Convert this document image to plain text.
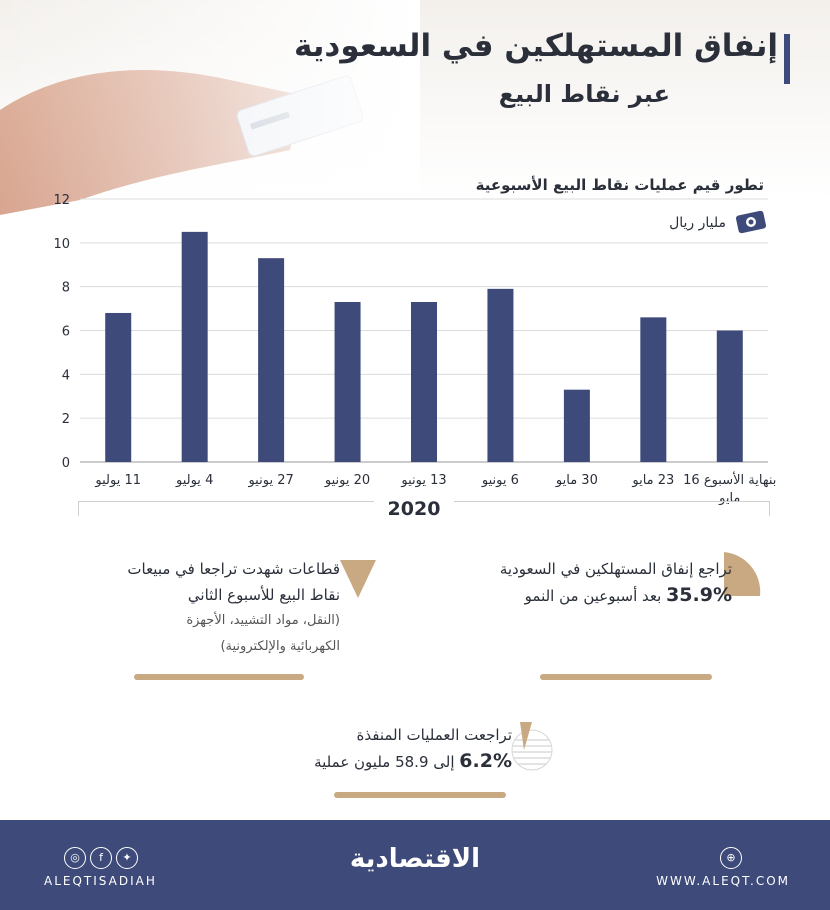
إنفاق المستهلكين في السعودية
عبر نقاط البيع
تطور قيم عمليات نقاط البيع الأسبوعية
مليار ريال
0
2
4
6
8
10
12
11 يوليو	4 يوليو	27 يونيو 20 يونيو 13 يونيو	6 يونيو	30 مايو	23 مايو بنهاية الأسبوع 16
مايو
2020
تراجع إنفاق المستهلكين في السعودية
35.9% بعد أسبوعين من النمو
قطاعات شهدت تراجعا في مبيعات
نقاط البيع للأسبوع الثاني
(النقل، مواد التشييد، الأجهزة
الكهربائية والإلكترونية)
تراجعت العمليات المنفذة
6.2% إلى 58.9 مليون عملية
◎	f	✦
ALEQTISADIAH
الاقتصادية	⊕
WWW.ALEQT.COM
